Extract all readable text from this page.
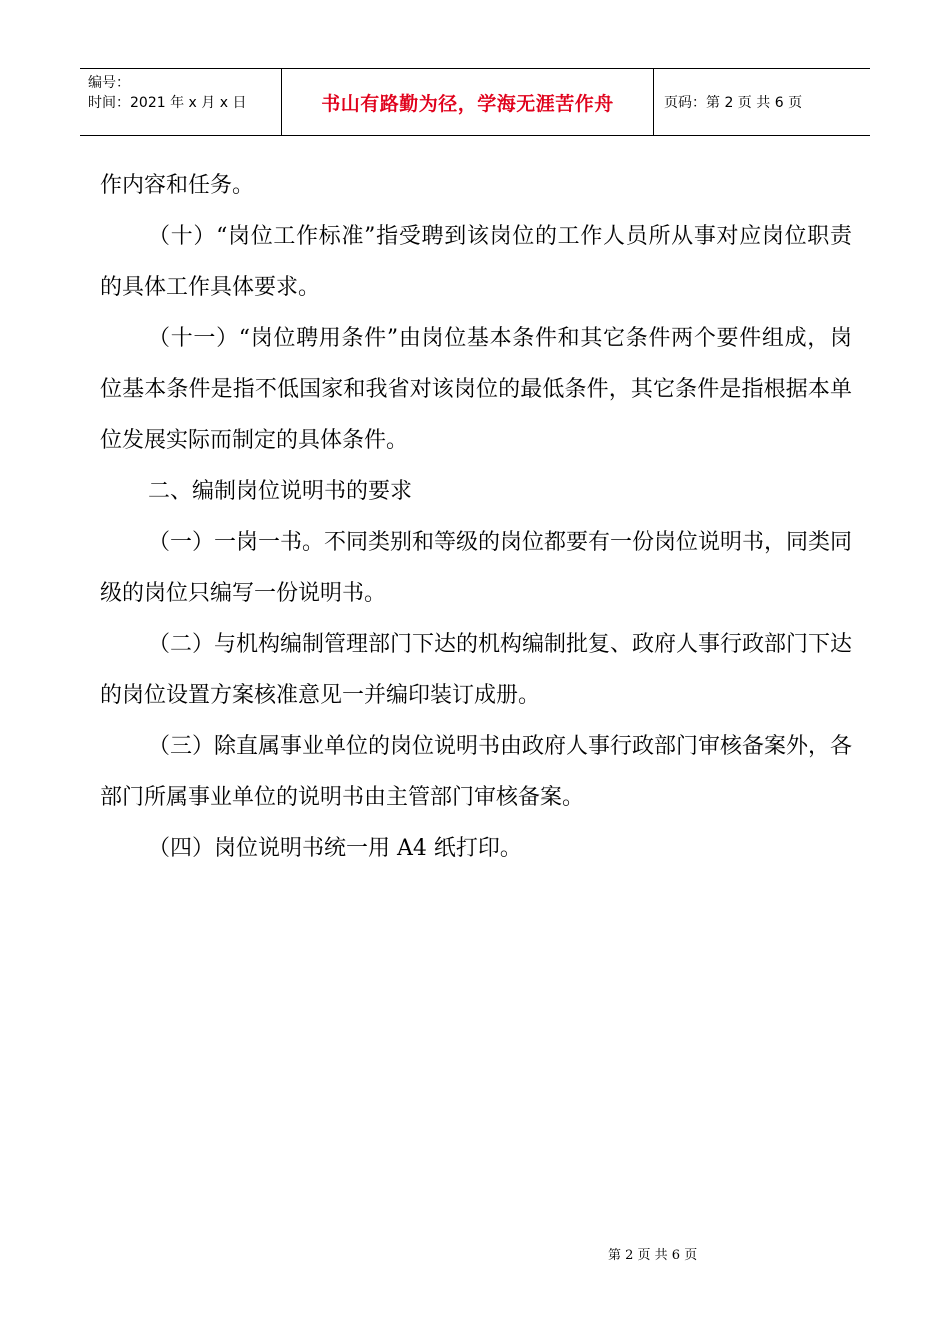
编号：
时间：2021 年 x 月 x 日	书山有路勤为径，学海无涯苦作舟	页码：第 2 页 共 6 页

作内容和任务。

（十）“岗位工作标准”指受聘到该岗位的工作人员所从事对应岗位职责的具体工作具体要求。

（十一）“岗位聘用条件”由岗位基本条件和其它条件两个要件组成，岗位基本条件是指不低国家和我省对该岗位的最低条件，其它条件是指根据本单位发展实际而制定的具体条件。

二、编制岗位说明书的要求

（一）一岗一书。不同类别和等级的岗位都要有一份岗位说明书，同类同级的岗位只编写一份说明书。

（二）与机构编制管理部门下达的机构编制批复、政府人事行政部门下达的岗位设置方案核准意见一并编印装订成册。

（三）除直属事业单位的岗位说明书由政府人事行政部门审核备案外，各部门所属事业单位的说明书由主管部门审核备案。

（四）岗位说明书统一用 A4 纸打印。

第 2 页 共 6 页
